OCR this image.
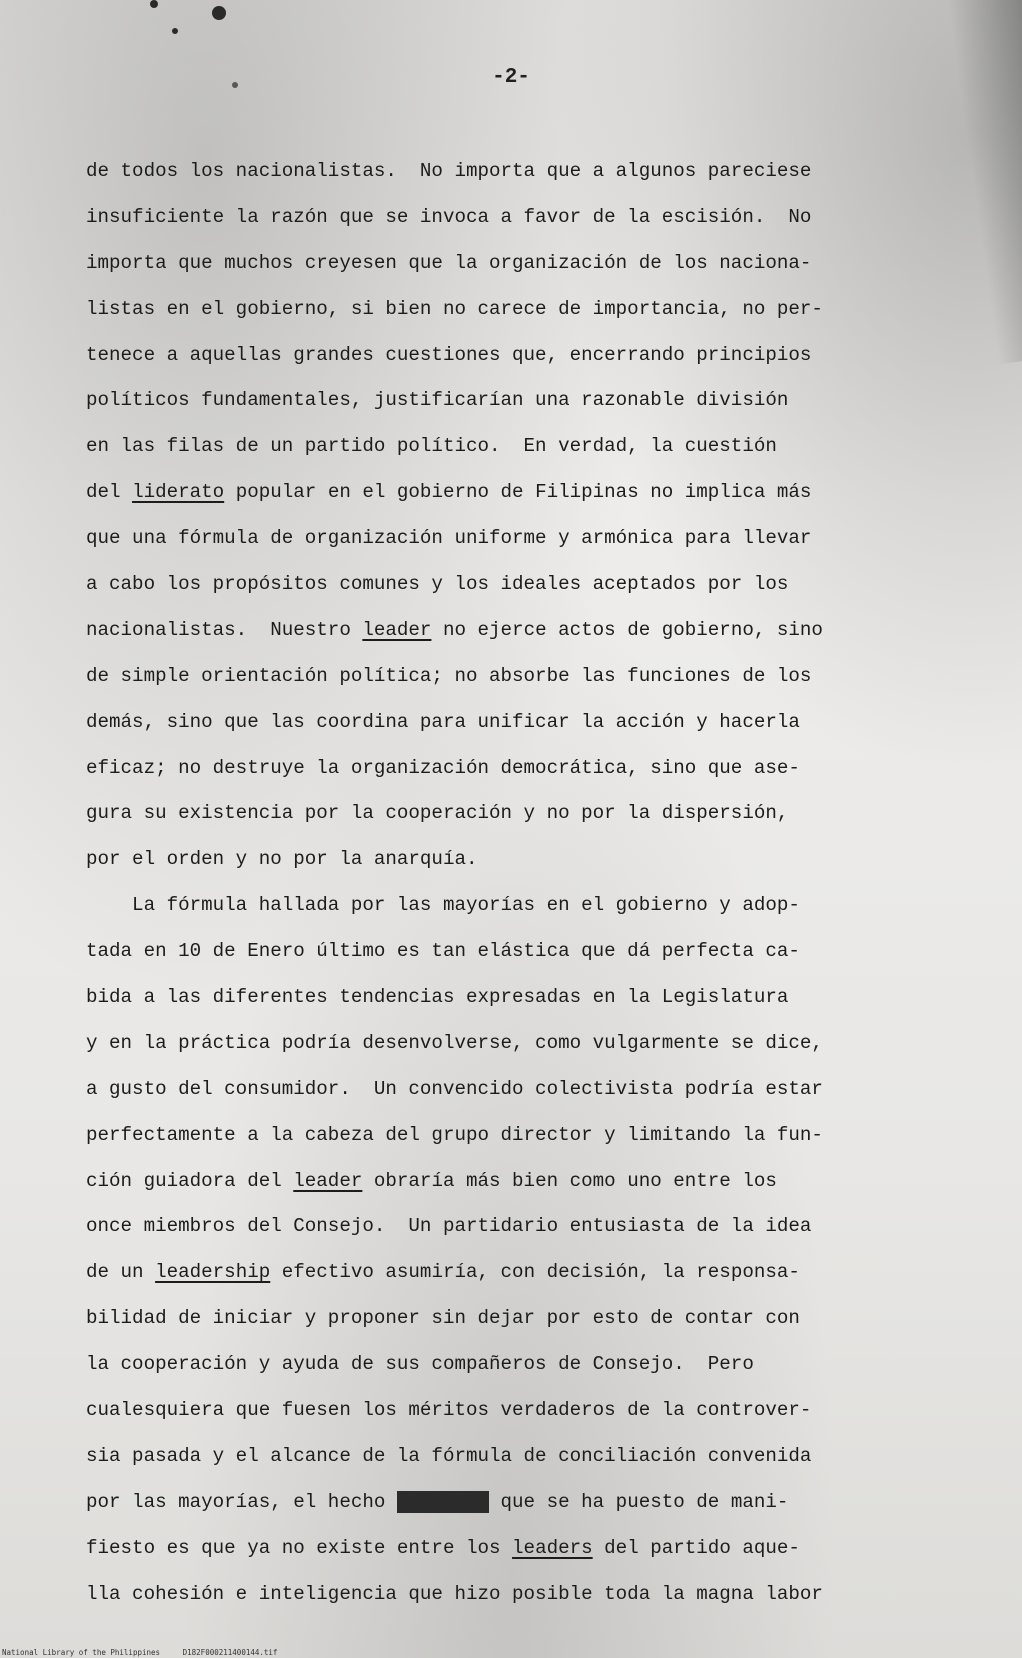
-2-
de todos los nacionalistas.  No importa que a algunos pareciese
insuficiente la razón que se invoca a favor de la escisión.  No
importa que muchos creyesen que la organización de los naciona-
listas en el gobierno, si bien no carece de importancia, no per-
tenece a aquellas grandes cuestiones que, encerrando principios
políticos fundamentales, justificarían una razonable división
en las filas de un partido político.  En verdad, la cuestión
del liderato popular en el gobierno de Filipinas no implica más
que una fórmula de organización uniforme y armónica para llevar
a cabo los propósitos comunes y los ideales aceptados por los
nacionalistas.  Nuestro leader no ejerce actos de gobierno, sino
de simple orientación política; no absorbe las funciones de los
demás, sino que las coordina para unificar la acción y hacerla
eficaz; no destruye la organización democrática, sino que ase-
gura su existencia por la cooperación y no por la dispersión,
por el orden y no por la anarquía.
La fórmula hallada por las mayorías en el gobierno y adop-
tada en 10 de Enero último es tan elástica que dá perfecta ca-
bida a las diferentes tendencias expresadas en la Legislatura
y en la práctica podría desenvolverse, como vulgarmente se dice,
a gusto del consumidor.  Un convencido colectivista podría estar
perfectamente a la cabeza del grupo director y limitando la fun-
ción guiadora del leader obraría más bien como uno entre los
once miembros del Consejo.  Un partidario entusiasta de la idea
de un leadership efectivo asumiría, con decisión, la responsa-
bilidad de iniciar y proponer sin dejar por esto de contar con
la cooperación y ayuda de sus compañeros de Consejo.  Pero
cualesquiera que fuesen los méritos verdaderos de la controver-
sia pasada y el alcance de la fórmula de conciliación convenida
por las mayorías, el hecho xxxxxxxx que se ha puesto de mani-
fiesto es que ya no existe entre los leaders del partido aque-
lla cohesión e inteligencia que hizo posible toda la magna labor
National Library of the Philippines     D182F000211400144.tif
